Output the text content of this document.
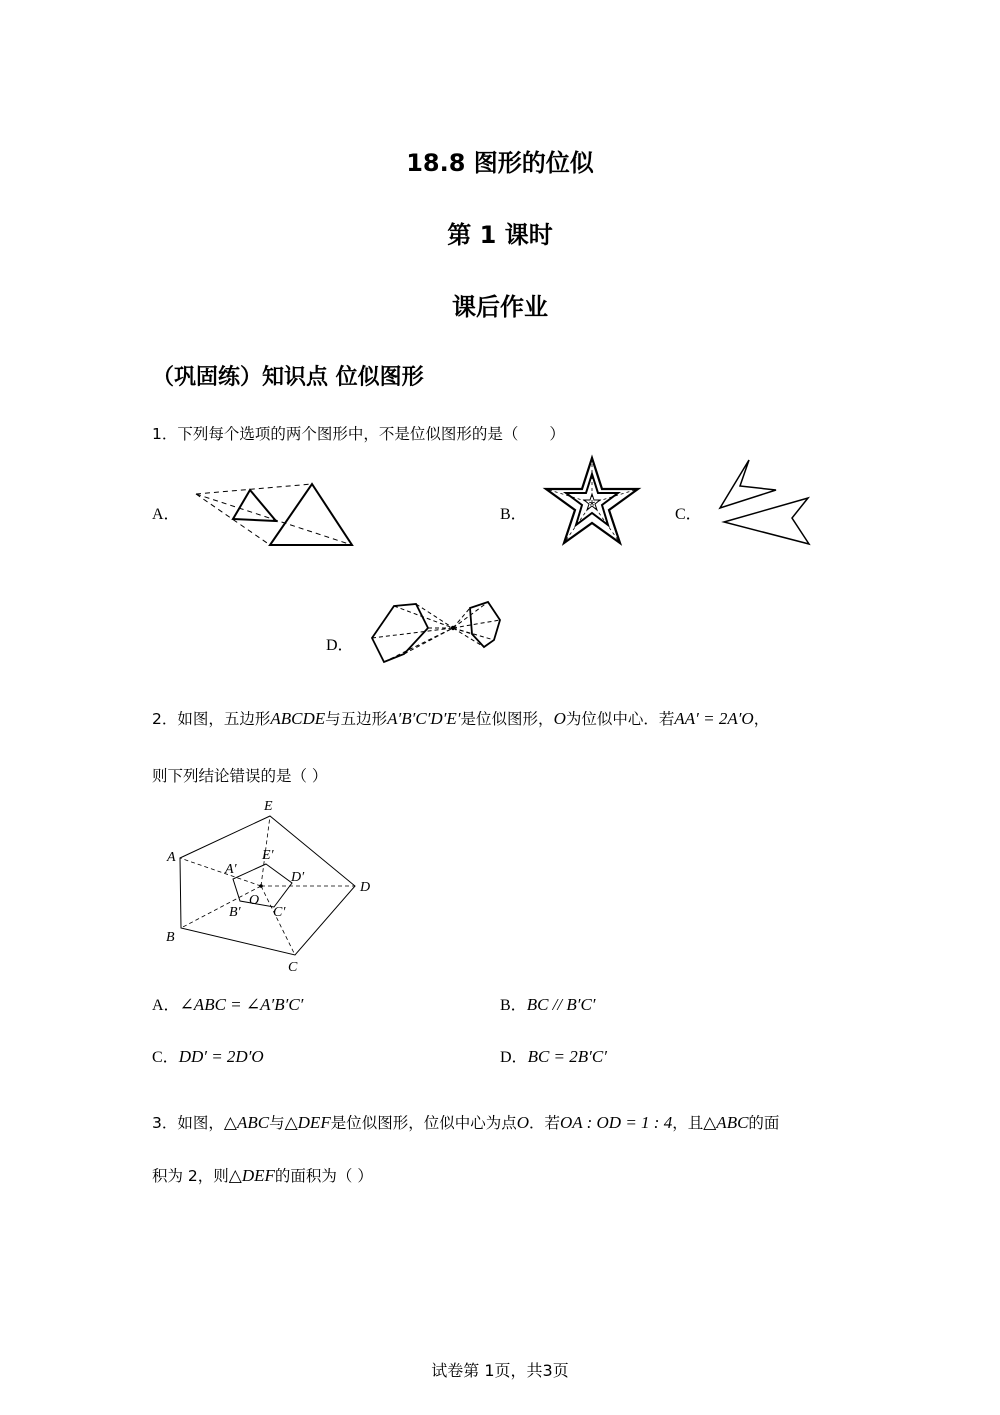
18.8 图形的位似
第 1 课时
课后作业
（巩固练）知识点 位似图形
1．下列每个选项的两个图形中，不是位似图形的是（　　）
A．	B．	C．
D．
2．如图，五边形ABCDE与五边形A′B′C′D′E′是位似图形，O为位似中心．若AA′ = 2A′O，
则下列结论错误的是（ ）
E
A
D
C
B
E′
A′
D′
C′
B′
O
A．∠ABC = ∠A′B′C′	B．BC // B′C′
C．DD′ = 2D′O	D．BC = 2B′C′
3．如图，△ABC与△DEF是位似图形，位似中心为点O．若OA : OD = 1 : 4，且△ABC的面
积为 2，则△DEF的面积为（ ）
试卷第 1页，共3页
